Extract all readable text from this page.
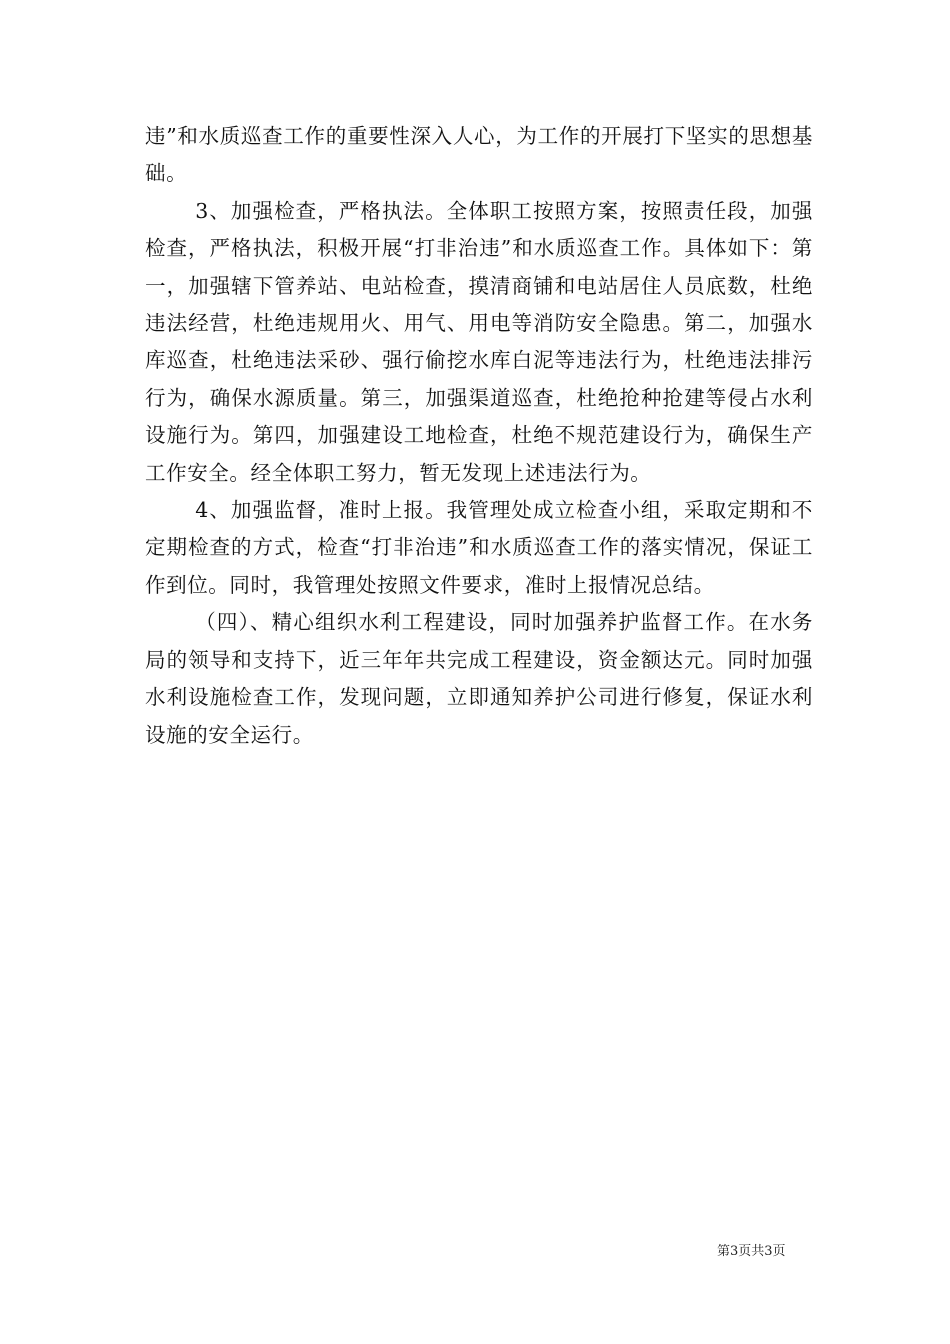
违”和水质巡查工作的重要性深入人心，为工作的开展打下坚实的思想基础。

3、加强检查，严格执法。全体职工按照方案，按照责任段，加强检查，严格执法，积极开展“打非治违”和水质巡查工作。具体如下：第一，加强辖下管养站、电站检查，摸清商铺和电站居住人员底数，杜绝违法经营，杜绝违规用火、用气、用电等消防安全隐患。第二，加强水库巡查，杜绝违法采砂、强行偷挖水库白泥等违法行为，杜绝违法排污行为，确保水源质量。第三，加强渠道巡查，杜绝抢种抢建等侵占水利设施行为。第四，加强建设工地检查，杜绝不规范建设行为，确保生产工作安全。经全体职工努力，暂无发现上述违法行为。

4、加强监督，准时上报。我管理处成立检查小组，采取定期和不定期检查的方式，检查“打非治违”和水质巡查工作的落实情况，保证工作到位。同时，我管理处按照文件要求，准时上报情况总结。

（四）、精心组织水利工程建设，同时加强养护监督工作。在水务局的领导和支持下，近三年年共完成工程建设，资金额达元。同时加强水利设施检查工作，发现问题，立即通知养护公司进行修复，保证水利设施的安全运行。

第3页共3页
